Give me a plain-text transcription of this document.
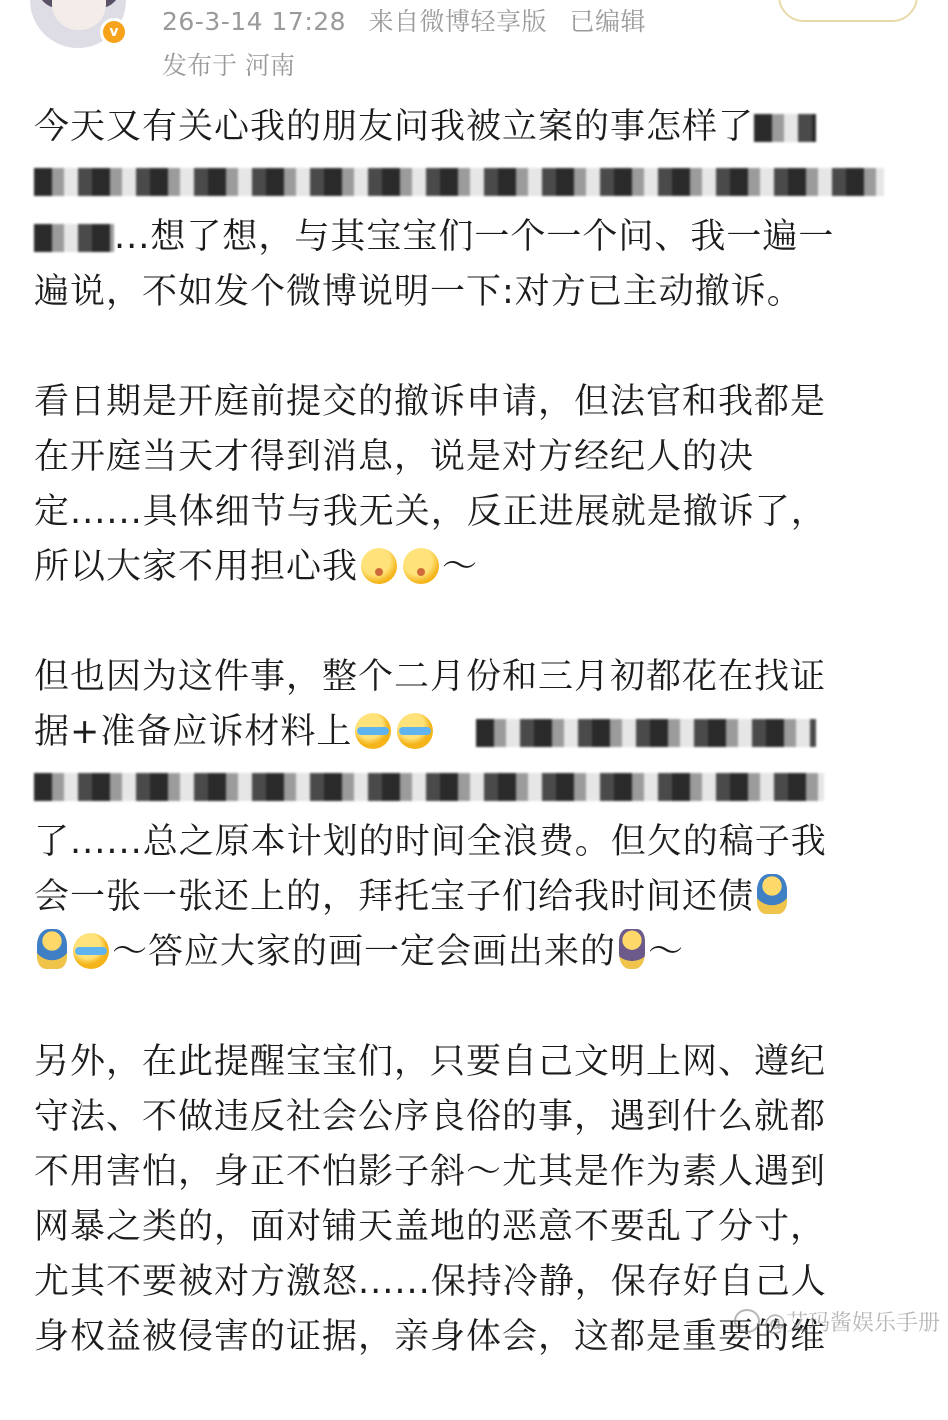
v	26-3-14 17:28 来自微博轻享版 已编辑
发布于 河南
今天又有关心我的朋友问我被立案的事怎样了

...想了想，与其宝宝们一个一个问、我一遍一
遍说，不如发个微博说明一下:对方已主动撤诉。
看日期是开庭前提交的撤诉申请，但法官和我都是
在开庭当天才得到消息，说是对方经纪人的决
定......具体细节与我无关，反正进展就是撤诉了，
所以大家不用担心我 ～
但也因为这件事，整个二月份和三月初都花在找证
据+准备应诉材料上

了......总之原本计划的时间全浪费。但欠的稿子我
会一张一张还上的，拜托宝子们给我时间还债
～答应大家的画一定会画出来的 ～
另外，在此提醒宝宝们，只要自己文明上网、遵纪
守法、不做违反社会公序良俗的事，遇到什么就都
不用害怕，身正不怕影子斜～尤其是作为素人遇到
网暴之类的，面对铺天盖地的恶意不要乱了分寸，
尤其不要被对方激怒......保持冷静，保存好自己人
身权益被侵害的证据，亲身体会，这都是重要的维
@艾玛酱娱乐手册
